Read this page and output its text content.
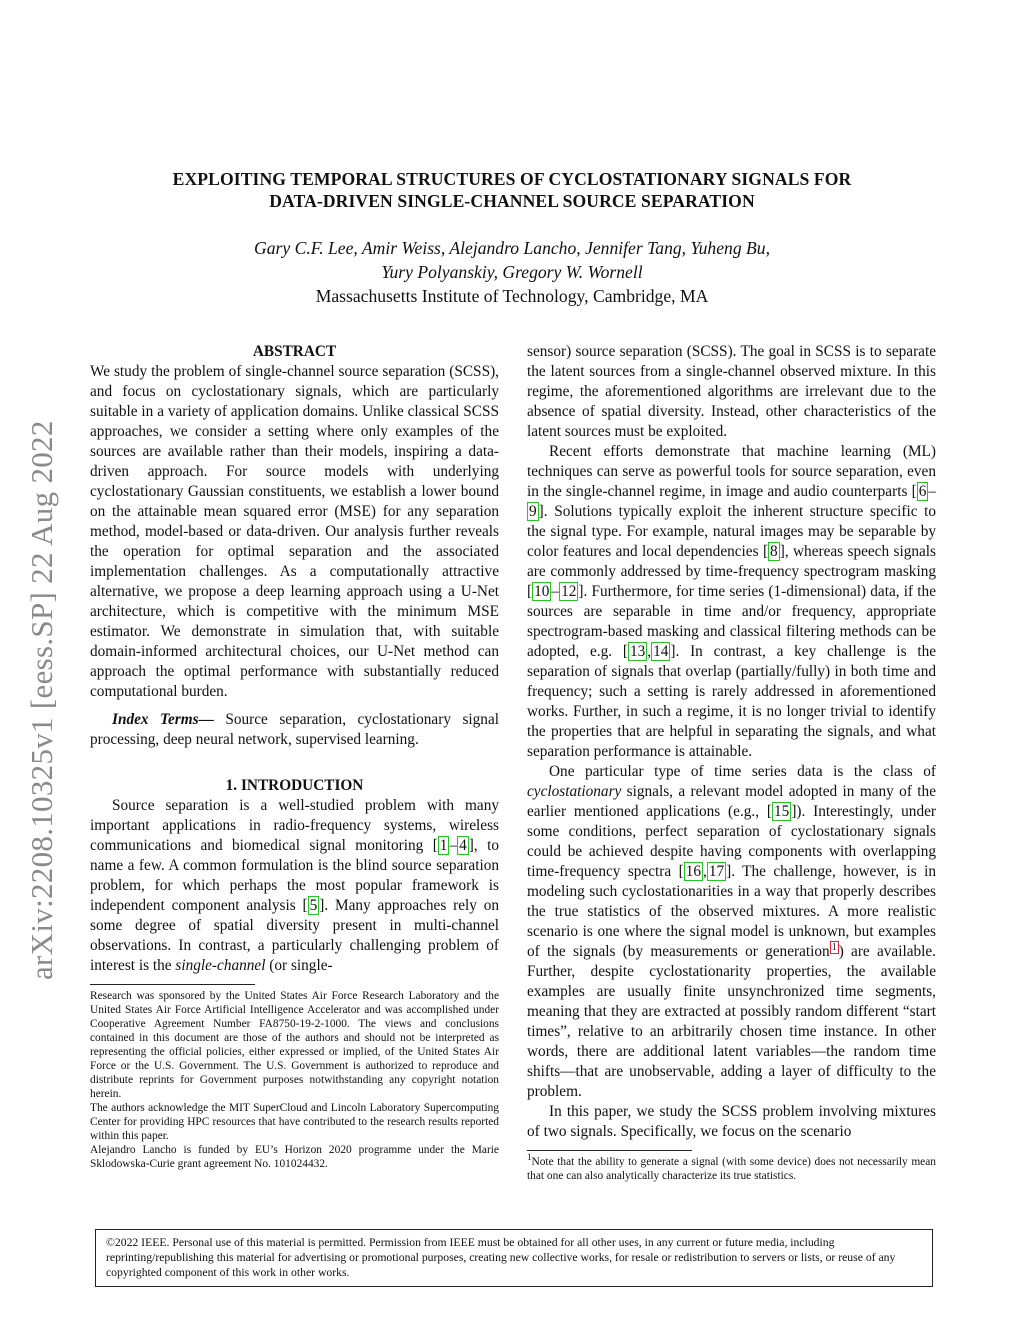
arXiv:2208.10325v1 [eess.SP] 22 Aug 2022
EXPLOITING TEMPORAL STRUCTURES OF CYCLOSTATIONARY SIGNALS FOR
DATA-DRIVEN SINGLE-CHANNEL SOURCE SEPARATION
Gary C.F. Lee, Amir Weiss, Alejandro Lancho, Jennifer Tang, Yuheng Bu,
Yury Polyanskiy, Gregory W. Wornell
Massachusetts Institute of Technology, Cambridge, MA

ABSTRACT

We study the problem of single-channel source separation (SCSS), and focus on cyclostationary signals, which are particularly suitable in a variety of application domains. Unlike classical SCSS approaches, we consider a setting where only examples of the sources are available rather than their models, inspiring a data-driven approach. For source models with underlying cyclostationary Gaussian constituents, we establish a lower bound on the attainable mean squared error (MSE) for any separation method, model-based or data-driven. Our analysis further reveals the operation for optimal separation and the associated implementation challenges. As a computationally attractive alternative, we propose a deep learning approach using a U-Net architecture, which is competitive with the minimum MSE estimator. We demonstrate in simulation that, with suitable domain-informed architectural choices, our U-Net method can approach the optimal performance with substantially reduced computational burden.

Index Terms— Source separation, cyclostationary signal processing, deep neural network, supervised learning.

1. INTRODUCTION

Source separation is a well-studied problem with many important applications in radio-frequency systems, wireless communications and biomedical signal monitoring [ 1 – 4 ], to name a few. A common formulation is the blind source separation problem, for which perhaps the most popular framework is independent component analysis [ 5 ]. Many approaches rely on some degree of spatial diversity present in multi-channel observations. In contrast, a particularly challenging problem of interest is the single-channel (or single-

Research was sponsored by the United States Air Force Research Laboratory and the United States Air Force Artificial Intelligence Accelerator and was accomplished under Cooperative Agreement Number FA8750-19-2-1000. The views and conclusions contained in this document are those of the authors and should not be interpreted as representing the official policies, either expressed or implied, of the United States Air Force or the U.S. Government. The U.S. Government is authorized to reproduce and distribute reprints for Government purposes notwithstanding any copyright notation herein.

The authors acknowledge the MIT SuperCloud and Lincoln Laboratory Supercomputing Center for providing HPC resources that have contributed to the research results reported within this paper.

Alejandro Lancho is funded by EU’s Horizon 2020 programme under the Marie Sklodowska-Curie grant agreement No. 101024432.

sensor) source separation (SCSS). The goal in SCSS is to separate the latent sources from a single-channel observed mixture. In this regime, the aforementioned algorithms are irrelevant due to the absence of spatial diversity. Instead, other characteristics of the latent sources must be exploited.

Recent efforts demonstrate that machine learning (ML) techniques can serve as powerful tools for source separation, even in the single-channel regime, in image and audio counterparts [ 6 –9 ]. Solutions typically exploit the inherent structure specific to the signal type. For example, natural images may be separable by color features and local dependencies [ 8 ], whereas speech signals are commonly addressed by time-frequency spectrogram masking [ 10 – 12 ]. Furthermore, for time series (1-dimensional) data, if the sources are separable in time and/or frequency, appropriate spectrogram-based masking and classical filtering methods can be adopted, e.g. [ 13 , 14 ]. In contrast, a key challenge is the separation of signals that overlap (partially/fully) in both time and frequency; such a setting is rarely addressed in aforementioned works. Further, in such a regime, it is no longer trivial to identify the properties that are helpful in separating the signals, and what separation performance is attainable.

One particular type of time series data is the class of cyclostationary signals, a relevant model adopted in many of the earlier mentioned applications (e.g., [ 15 ]). Interestingly, under some conditions, perfect separation of cyclostationary signals could be achieved despite having components with overlapping time-frequency spectra [ 16 , 17 ]. The challenge, however, is in modeling such cyclostationarities in a way that properly describes the true statistics of the observed mixtures. A more realistic scenario is one where the signal model is unknown, but examples of the signals (by measurements or generation $^1$ ) are available. Further, despite cyclostationarity properties, the available examples are usually finite unsynchronized time segments, meaning that they are extracted at possibly random different “start times”, relative to an arbitrarily chosen time instance. In other words, there are additional latent variables—the random time shifts—that are unobservable, adding a layer of difficulty to the problem.

In this paper, we study the SCSS problem involving mixtures of two signals. Specifically, we focus on the scenario

$^1$Note that the ability to generate a signal (with some device) does not necessarily mean that one can also analytically characterize its true statistics.

©2022 IEEE. Personal use of this material is permitted. Permission from IEEE must be obtained for all other uses, in any current or future media, including reprinting/republishing this material for advertising or promotional purposes, creating new collective works, for resale or redistribution to servers or lists, or reuse of any copyrighted component of this work in other works.
